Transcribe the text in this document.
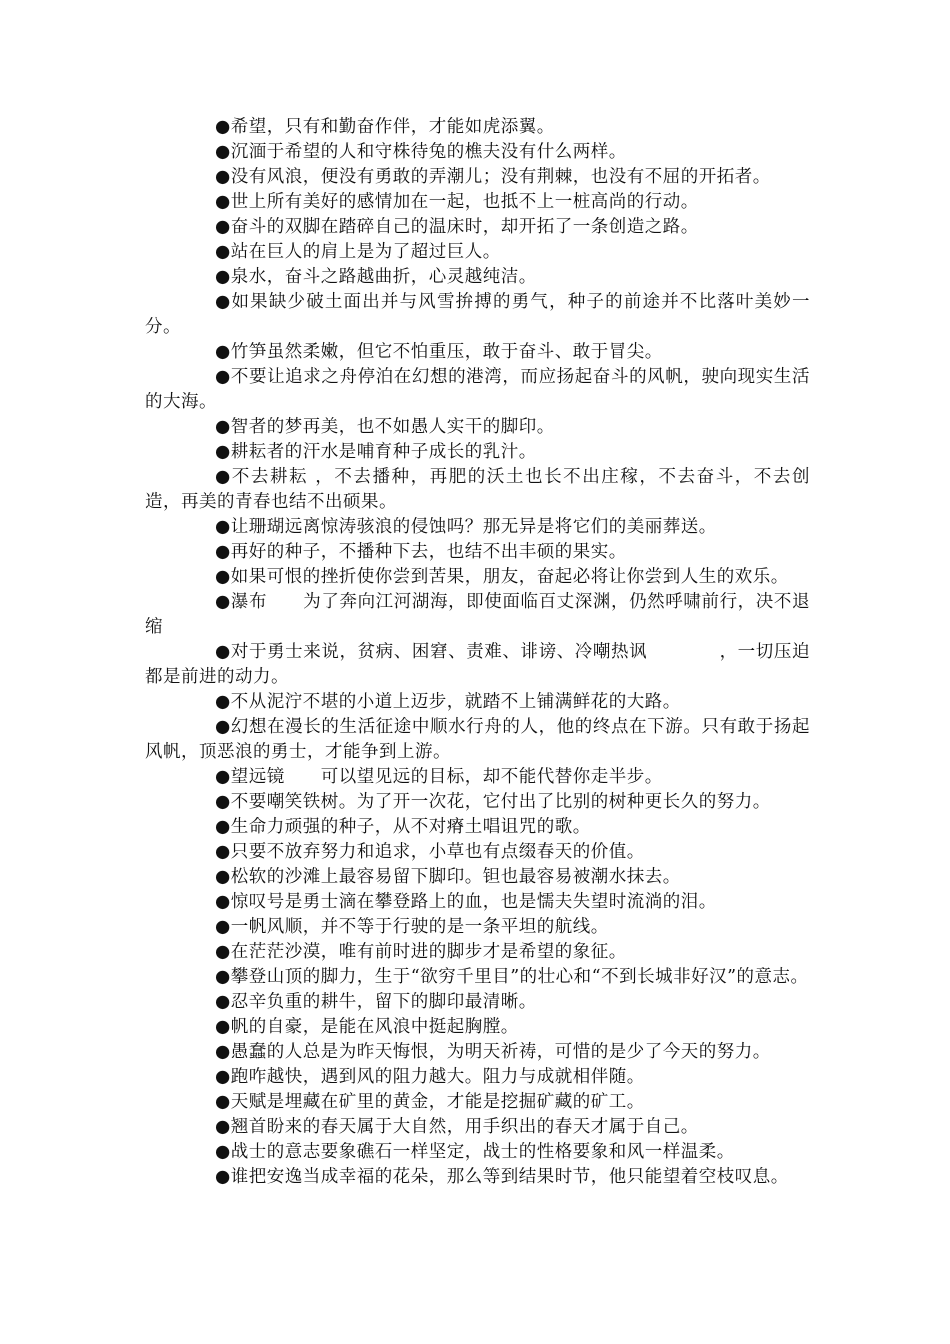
●希望，只有和勤奋作伴，才能如虎添翼。

●沉湎于希望的人和守株待兔的樵夫没有什么两样。

●没有风浪，便没有勇敢的弄潮儿；没有荆棘，也没有不屈的开拓者。

●世上所有美好的感情加在一起，也抵不上一桩高尚的行动。

●奋斗的双脚在踏碎自己的温床时，却开拓了一条创造之路。

●站在巨人的肩上是为了超过巨人。

●泉水，奋斗之路越曲折，心灵越纯洁。

●如果缺少破土面出并与风雪拚搏的勇气，种子的前途并不比落叶美妙一分。

●竹笋虽然柔嫩，但它不怕重压，敢于奋斗、敢于冒尖。

●不要让追求之舟停泊在幻想的港湾，而应扬起奋斗的风帆，驶向现实生活的大海。

●智者的梦再美，也不如愚人实干的脚印。

●耕耘者的汗水是哺育种子成长的乳汁。

●不去耕耘 ，不去播种，再肥的沃土也长不出庄稼，不去奋斗，不去创造，再美的青春也结不出硕果。

●让珊瑚远离惊涛骇浪的侵蚀吗？那无异是将它们的美丽葬送。

●再好的种子，不播种下去，也结不出丰硕的果实。

●如果可恨的挫折使你尝到苦果，朋友，奋起必将让你尝到人生的欢乐。

●瀑布　　为了奔向江河湖海，即使面临百丈深渊，仍然呼啸前行，决不退缩

●对于勇士来说，贫病、困窘、责难、诽谤、冷嘲热讽　　　　，一切压迫都是前进的动力。

●不从泥泞不堪的小道上迈步，就踏不上铺满鲜花的大路。

●幻想在漫长的生活征途中顺水行舟的人，他的终点在下游。只有敢于扬起风帆，顶恶浪的勇士，才能争到上游。

●望远镜　　可以望见远的目标，却不能代替你走半步。

●不要嘲笑铁树。为了开一次花，它付出了比别的树种更长久的努力。

●生命力顽强的种子，从不对瘠土唱诅咒的歌。

●只要不放弃努力和追求，小草也有点缀春天的价值。

●松软的沙滩上最容易留下脚印。钽也最容易被潮水抹去。

●惊叹号是勇士滴在攀登路上的血，也是懦夫失望时流淌的泪。

●一帆风顺，并不等于行驶的是一条平坦的航线。

●在茫茫沙漠，唯有前时进的脚步才是希望的象征。

●攀登山顶的脚力，生于“欲穷千里目”的壮心和“不到长城非好汉”的意志。

●忍辛负重的耕牛，留下的脚印最清晰。

●帆的自豪，是能在风浪中挺起胸膛。

●愚蠢的人总是为昨天悔恨，为明天祈祷，可惜的是少了今天的努力。

●跑咋越快，遇到风的阻力越大。阻力与成就相伴随。

●天赋是埋藏在矿里的黄金，才能是挖掘矿藏的矿工。

●翘首盼来的春天属于大自然，用手织出的春天才属于自己。

●战士的意志要象礁石一样坚定，战士的性格要象和风一样温柔。

●谁把安逸当成幸福的花朵，那么等到结果时节，他只能望着空枝叹息。
